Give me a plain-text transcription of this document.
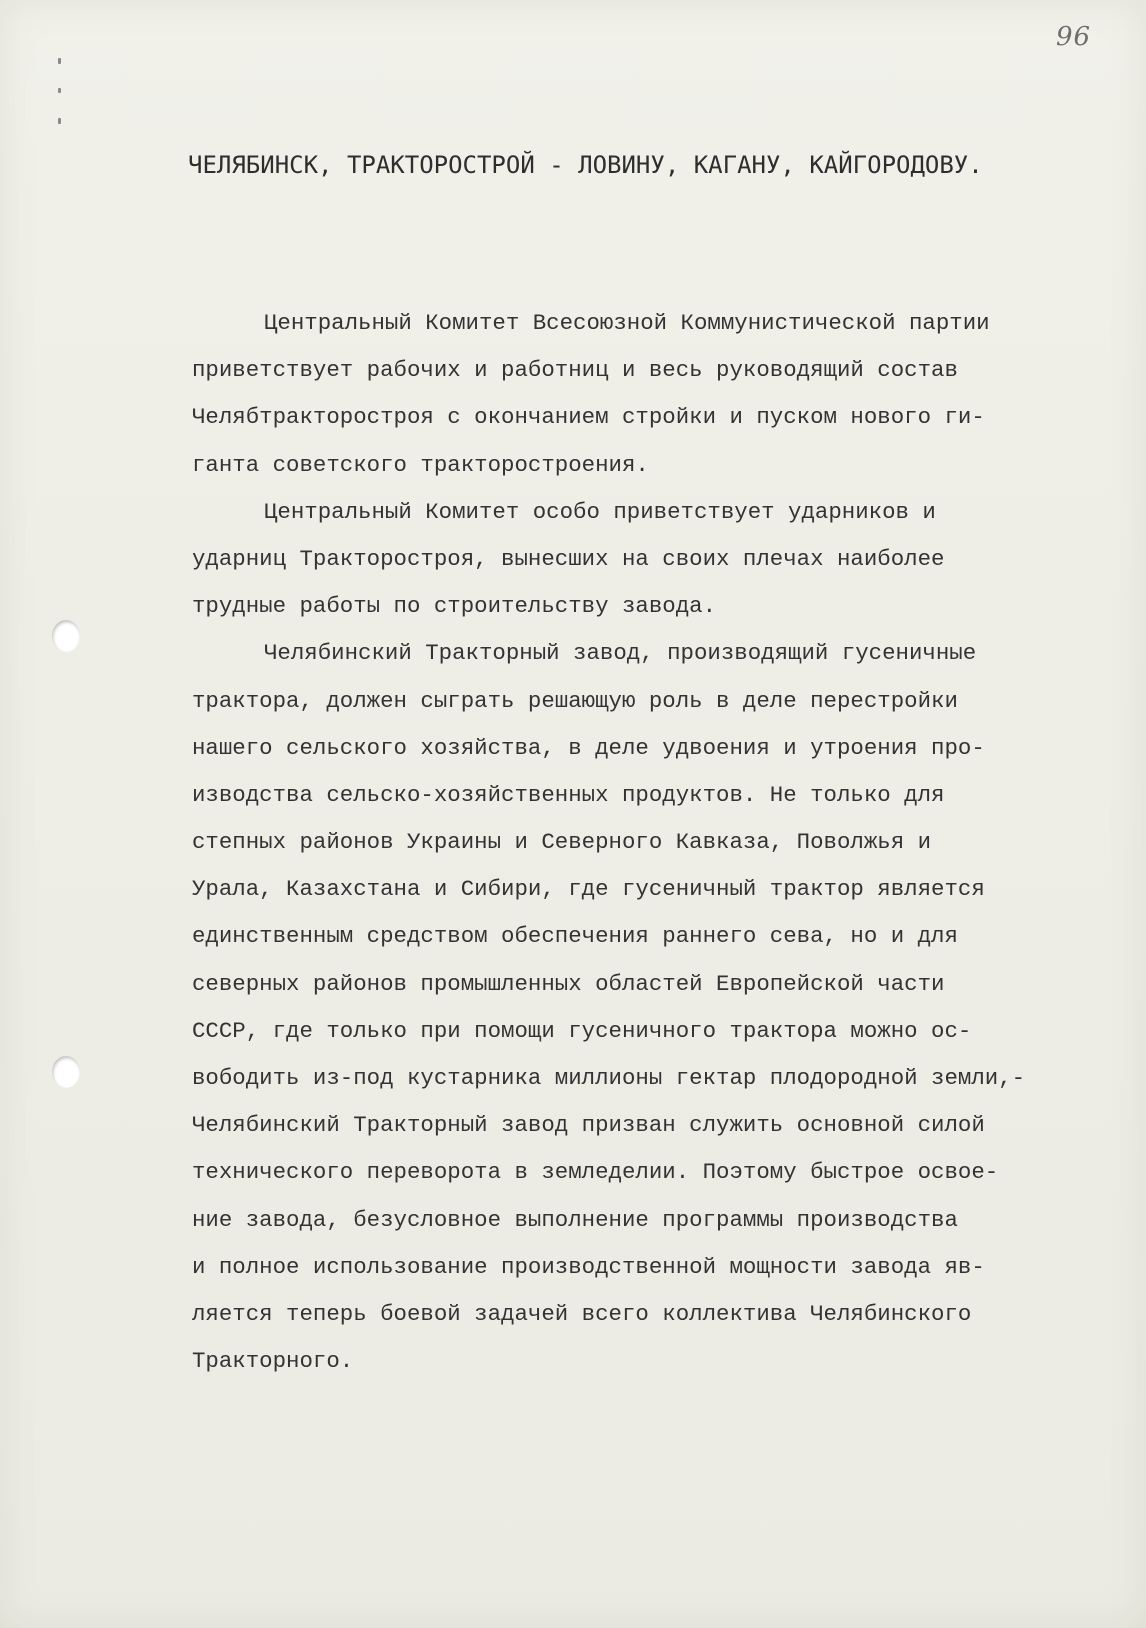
96
ЧЕЛЯБИНСК, ТРАКТОРОСТРОЙ - ЛОВИНУ, КАГАНУ, КАЙГОРОДОВУ.
Центральный Комитет Всесоюзной Коммунистической партии
приветствует рабочих и работниц и весь руководящий состав
Челябтракторостроя с окончанием стройки и пуском нового ги-
ганта советского тракторостроения.
Центральный Комитет особо приветствует ударников и
ударниц Тракторостроя, вынесших на своих плечах наиболее
трудные работы по строительству завода.
Челябинский Тракторный завод, производящий гусеничные
трактора, должен сыграть решающую роль в деле перестройки
нашего сельского хозяйства, в деле удвоения и утроения про-
изводства сельско-хозяйственных продуктов. Не только для
степных районов Украины и Северного Кавказа, Поволжья и
Урала, Казахстана и Сибири, где гусеничный трактор является
единственным средством обеспечения раннего сева, но и для
северных районов промышленных областей Европейской части
СССР, где только при помощи гусеничного трактора можно ос-
вободить из-под кустарника миллионы гектар плодородной земли,-
Челябинский Тракторный завод призван служить основной силой
технического переворота в земледелии. Поэтому быстрое освое-
ние завода, безусловное выполнение программы производства
и полное использование производственной мощности завода яв-
ляется теперь боевой задачей всего коллектива Челябинского
Тракторного.
